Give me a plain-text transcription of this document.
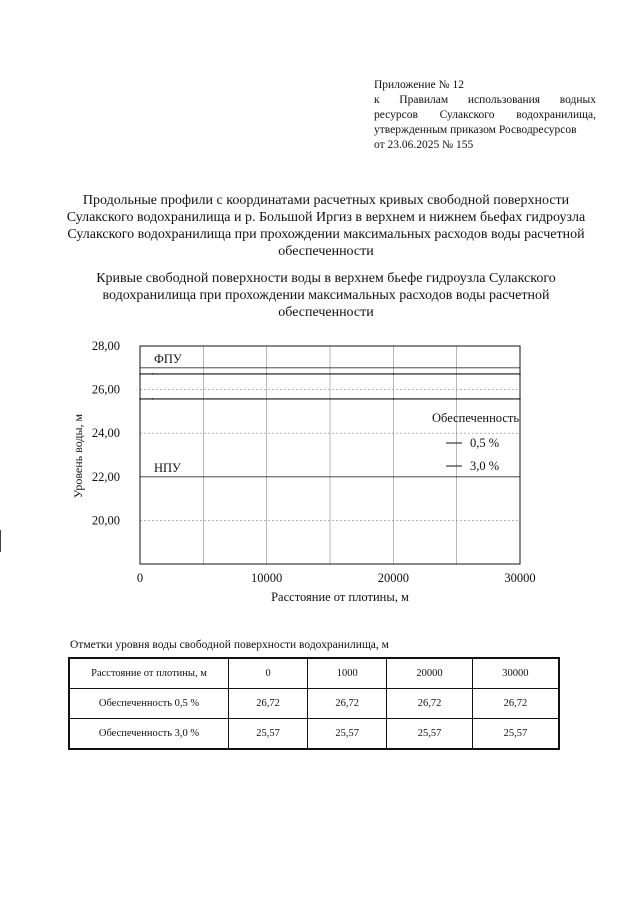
Приложение № 12
к Правилам использования водных
ресурсов Сулакского водохранилища,
утвержденным приказом Росводресурсов
от 23.06.2025 № 155
Продольные профили с координатами расчетных кривых свободной поверхности Сулакского водохранилища и р. Большой Иргиз в верхнем и нижнем бьефах гидроузла Сулакского водохранилища при прохождении максимальных расходов воды расчетной обеспеченности
Кривые свободной поверхности воды в верхнем бьефе гидроузла Сулакского водохранилища при прохождении максимальных расходов воды расчетной обеспеченности
ФПУ
НПУ
28,00
26,00
24,00
22,00
20,00
0	10000	20000	30000
Уровень воды, м
Расстояние от плотины, м
Обеспеченность
0,5 %
3,0 %
Отметки уровня воды свободной поверхности водохранилища, м
Расстояние от плотины, м	0	1000	20000	30000
Обеспеченность 0,5 %	26,72	26,72	26,72	26,72
Обеспеченность 3,0 %	25,57	25,57	25,57	25,57
